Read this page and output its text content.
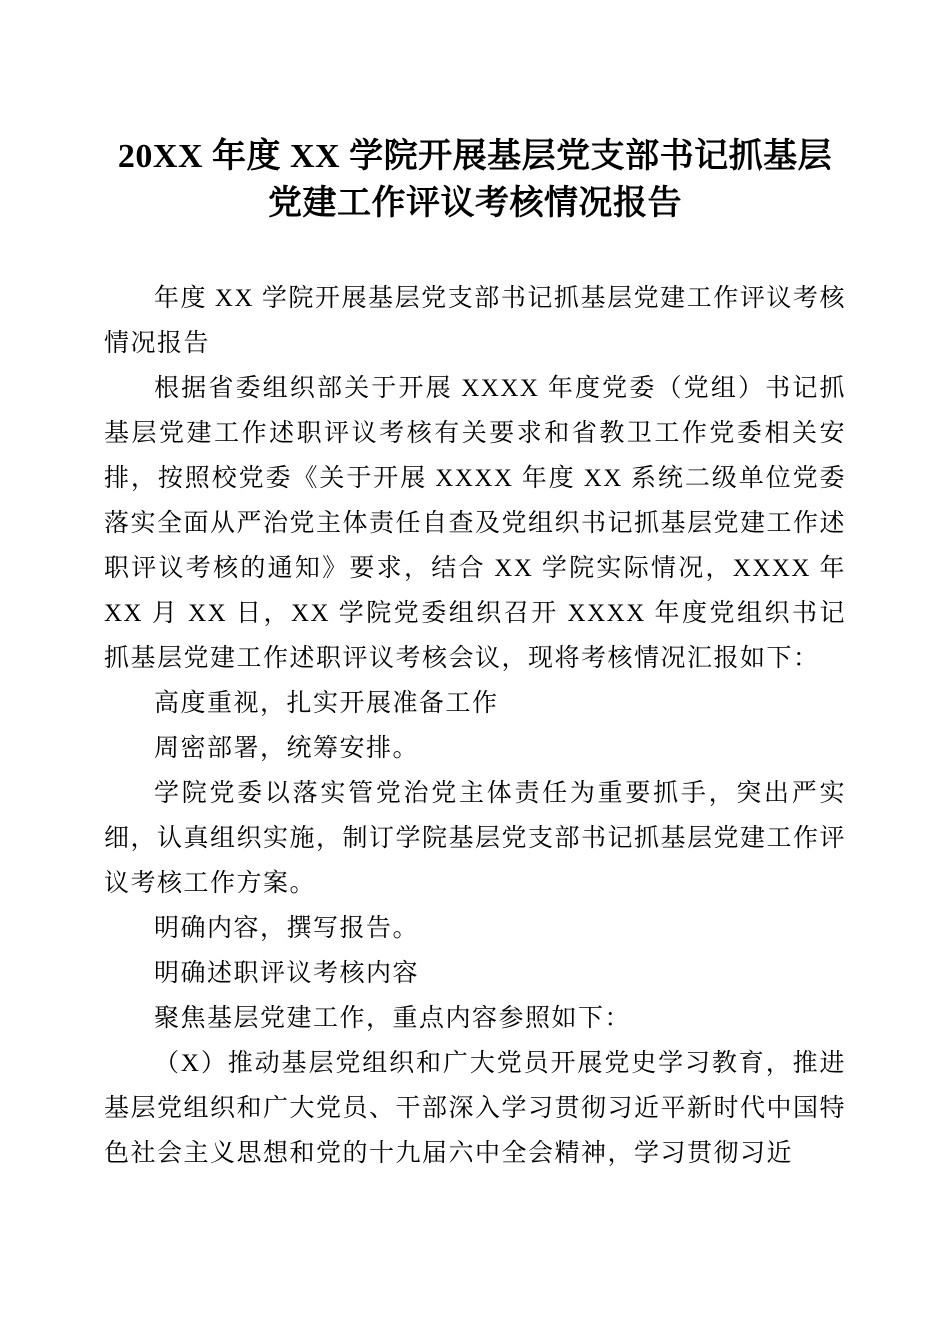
20XX 年度 XX 学院开展基层党支部书记抓基层党建工作评议考核情况报告

年度 XX 学院开展基层党支部书记抓基层党建工作评议考核情况报告

根据省委组织部关于开展 XXXX 年度党委（党组）书记抓基层党建工作述职评议考核有关要求和省教卫工作党委相关安排，按照校党委《关于开展 XXXX 年度 XX 系统二级单位党委落实全面从严治党主体责任自查及党组织书记抓基层党建工作述职评议考核的通知》要求，结合 XX 学院实际情况，XXXX 年 XX 月 XX 日，XX 学院党委组织召开 XXXX 年度党组织书记抓基层党建工作述职评议考核会议，现将考核情况汇报如下：

高度重视，扎实开展准备工作

周密部署，统筹安排。

学院党委以落实管党治党主体责任为重要抓手，突出严实细，认真组织实施，制订学院基层党支部书记抓基层党建工作评议考核工作方案。

明确内容，撰写报告。

明确述职评议考核内容

聚焦基层党建工作，重点内容参照如下：

（X）推动基层党组织和广大党员开展党史学习教育，推进基层党组织和广大党员、干部深入学习贯彻习近平新时代中国特色社会主义思想和党的十九届六中全会精神，学习贯彻习近
